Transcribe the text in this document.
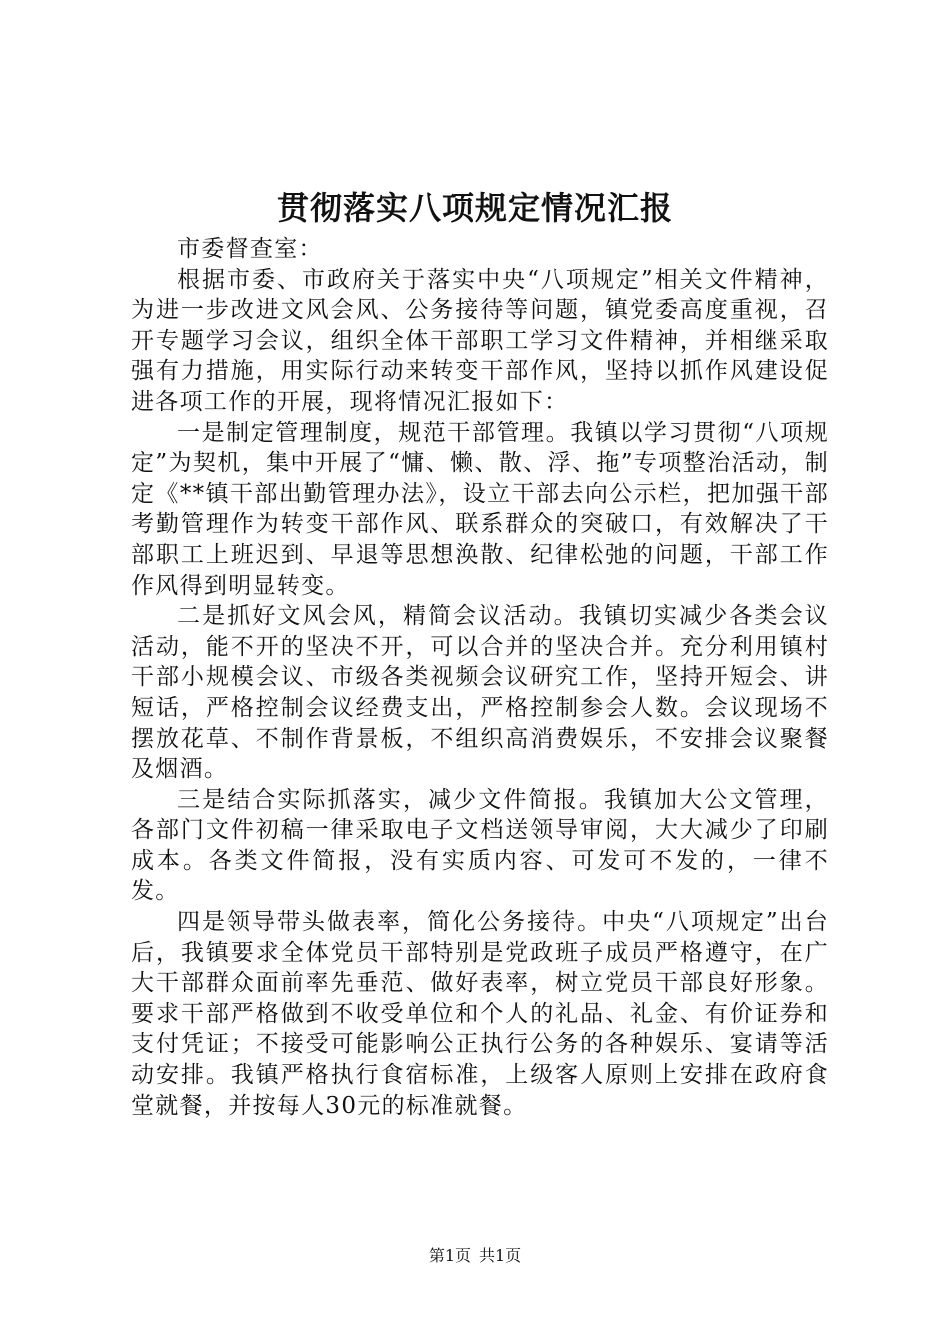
贯彻落实八项规定情况汇报

市委督查室：

根据市委、市政府关于落实中央“八项规定”相关文件精神，为进一步改进文风会风、公务接待等问题，镇党委高度重视，召开专题学习会议，组织全体干部职工学习文件精神，并相继采取强有力措施，用实际行动来转变干部作风，坚持以抓作风建设促进各项工作的开展，现将情况汇报如下：

一是制定管理制度，规范干部管理。我镇以学习贯彻“八项规定”为契机，集中开展了“慵、懒、散、浮、拖”专项整治活动，制定《**镇干部出勤管理办法》，设立干部去向公示栏，把加强干部考勤管理作为转变干部作风、联系群众的突破口，有效解决了干部职工上班迟到、早退等思想涣散、纪律松弛的问题，干部工作作风得到明显转变。

二是抓好文风会风，精简会议活动。我镇切实减少各类会议活动，能不开的坚决不开，可以合并的坚决合并。充分利用镇村干部小规模会议、市级各类视频会议研究工作，坚持开短会、讲短话，严格控制会议经费支出，严格控制参会人数。会议现场不摆放花草、不制作背景板，不组织高消费娱乐，不安排会议聚餐及烟酒。

三是结合实际抓落实，减少文件简报。我镇加大公文管理，各部门文件初稿一律采取电子文档送领导审阅，大大减少了印刷成本。各类文件简报，没有实质内容、可发可不发的，一律不发。

四是领导带头做表率，简化公务接待。中央“八项规定”出台后，我镇要求全体党员干部特别是党政班子成员严格遵守，在广大干部群众面前率先垂范、做好表率，树立党员干部良好形象。要求干部严格做到不收受单位和个人的礼品、礼金、有价证券和支付凭证；不接受可能影响公正执行公务的各种娱乐、宴请等活动安排。我镇严格执行食宿标准，上级客人原则上安排在政府食堂就餐，并按每人30元的标准就餐。

第1页 共1页
